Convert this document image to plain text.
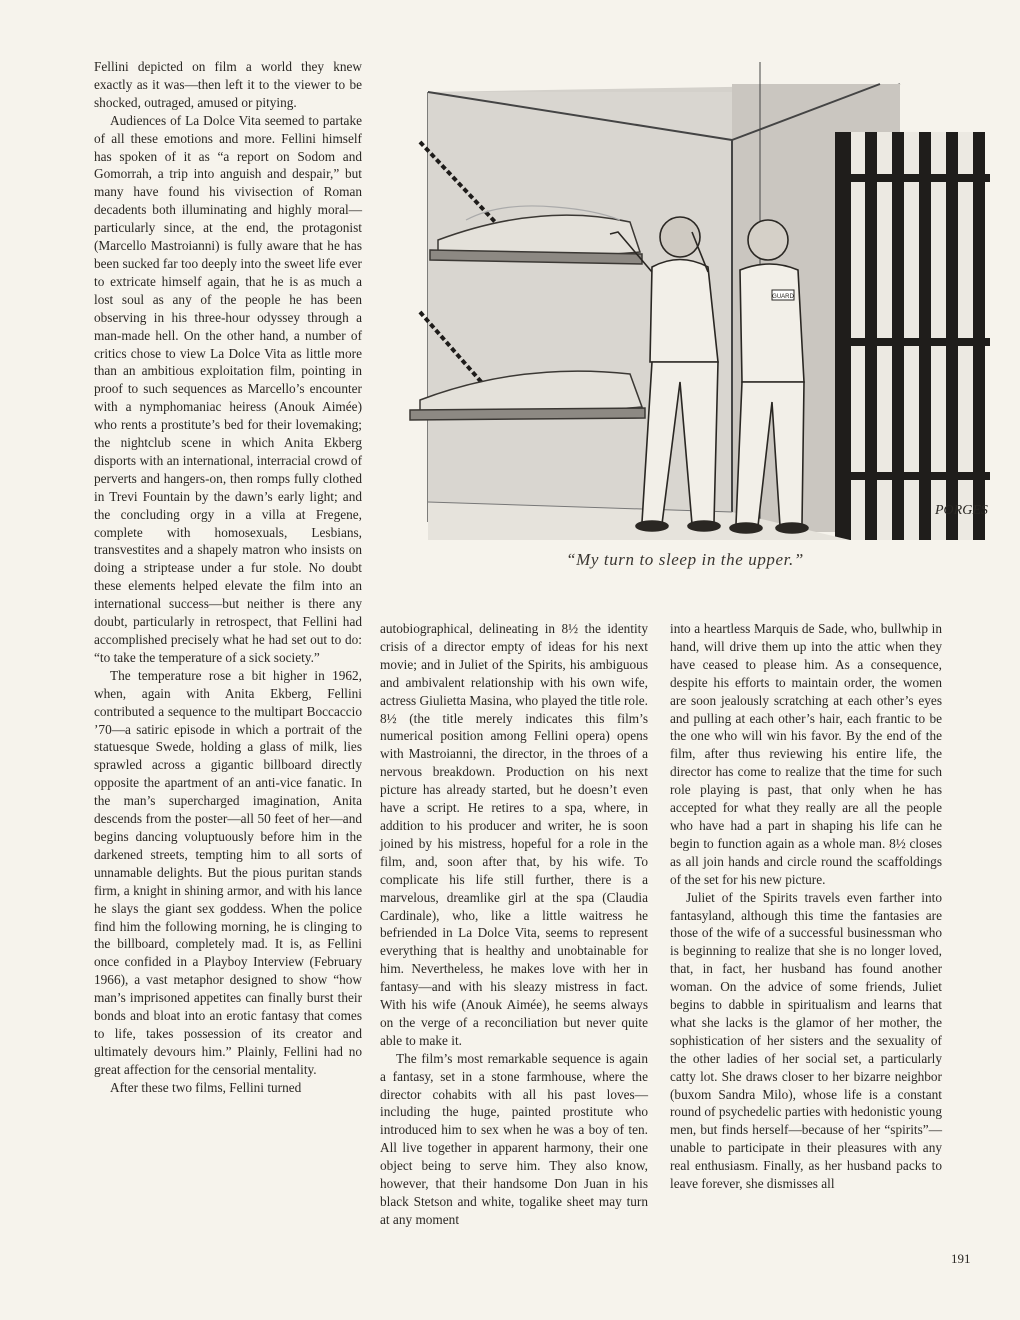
Fellini depicted on film a world they knew exactly as it was—then left it to the viewer to be shocked, outraged, amused or pitying.

Audiences of La Dolce Vita seemed to partake of all these emotions and more. Fellini himself has spoken of it as “a report on Sodom and Gomorrah, a trip into anguish and despair,” but many have found his vivisection of Roman decadents both illuminating and highly moral—particularly since, at the end, the protagonist (Marcello Mastroianni) is fully aware that he has been sucked far too deeply into the sweet life ever to extricate himself again, that he is as much a lost soul as any of the people he has been observing in his three-hour odyssey through a man-made hell. On the other hand, a number of critics chose to view La Dolce Vita as little more than an ambitious exploitation film, pointing in proof to such sequences as Marcello’s encounter with a nymphomaniac heiress (Anouk Aimée) who rents a prostitute’s bed for their lovemaking; the nightclub scene in which Anita Ekberg disports with an international, interracial crowd of perverts and hangers-on, then romps fully clothed in Trevi Fountain by the dawn’s early light; and the concluding orgy in a villa at Fregene, complete with homosexuals, Lesbians, transvestites and a shapely matron who insists on doing a striptease under a fur stole. No doubt these elements helped elevate the film into an international success—but neither is there any doubt, particularly in retrospect, that Fellini had accomplished precisely what he had set out to do: “to take the temperature of a sick society.”

The temperature rose a bit higher in 1962, when, again with Anita Ekberg, Fellini contributed a sequence to the multipart Boccaccio ’70—a satiric episode in which a portrait of the statuesque Swede, holding a glass of milk, lies sprawled across a gigantic billboard directly opposite the apartment of an anti-vice fanatic. In the man’s supercharged imagination, Anita descends from the poster—all 50 feet of her—and begins dancing voluptuously before him in the darkened streets, tempting him to all sorts of unnamable delights. But the pious puritan stands firm, a knight in shining armor, and with his lance he slays the giant sex goddess. When the police find him the following morning, he is clinging to the billboard, completely mad. It is, as Fellini once confided in a Playboy Interview (February 1966), a vast metaphor designed to show “how man’s imprisoned appetites can finally burst their bonds and bloat into an erotic fantasy that comes to life, takes possession of its creator and ultimately devours him.” Plainly, Fellini had no great affection for the censorial mentality.

After these two films, Fellini turned

GUARD
PORGES
“My turn to sleep in the upper.”

autobiographical, delineating in 8½ the identity crisis of a director empty of ideas for his next movie; and in Juliet of the Spirits, his ambiguous and ambivalent relationship with his own wife, actress Giulietta Masina, who played the title role. 8½ (the title merely indicates this film’s numerical position among Fellini opera) opens with Mastroianni, the director, in the throes of a nervous breakdown. Production on his next picture has already started, but he doesn’t even have a script. He retires to a spa, where, in addition to his producer and writer, he is soon joined by his mistress, hopeful for a role in the film, and, soon after that, by his wife. To complicate his life still further, there is a marvelous, dreamlike girl at the spa (Claudia Cardinale), who, like a little waitress he befriended in La Dolce Vita, seems to represent everything that is healthy and unobtainable for him. Nevertheless, he makes love with her in fantasy—and with his sleazy mistress in fact. With his wife (Anouk Aimée), he seems always on the verge of a reconciliation but never quite able to make it.

The film’s most remarkable sequence is again a fantasy, set in a stone farmhouse, where the director cohabits with all his past loves—including the huge, painted prostitute who introduced him to sex when he was a boy of ten. All live together in apparent harmony, their one object being to serve him. They also know, however, that their handsome Don Juan in his black Stetson and white, togalike sheet may turn at any moment

into a heartless Marquis de Sade, who, bullwhip in hand, will drive them up into the attic when they have ceased to please him. As a consequence, despite his efforts to maintain order, the women are soon jealously scratching at each other’s eyes and pulling at each other’s hair, each frantic to be the one who will win his favor. By the end of the film, after thus reviewing his entire life, the director has come to realize that the time for such role playing is past, that only when he has accepted for what they really are all the people who have had a part in shaping his life can he begin to function again as a whole man. 8½ closes as all join hands and circle round the scaffoldings of the set for his new picture.

Juliet of the Spirits travels even farther into fantasyland, although this time the fantasies are those of the wife of a successful businessman who is beginning to realize that she is no longer loved, that, in fact, her husband has found another woman. On the advice of some friends, Juliet begins to dabble in spiritualism and learns that what she lacks is the glamor of her mother, the sophistication of her sisters and the sexuality of the other ladies of her social set, a particularly catty lot. She draws closer to her bizarre neighbor (buxom Sandra Milo), whose life is a constant round of psychedelic parties with hedonistic young men, but finds herself—because of her “spirits”—unable to participate in their pleasures with any real enthusiasm. Finally, as her husband packs to leave forever, she dismisses all

191
